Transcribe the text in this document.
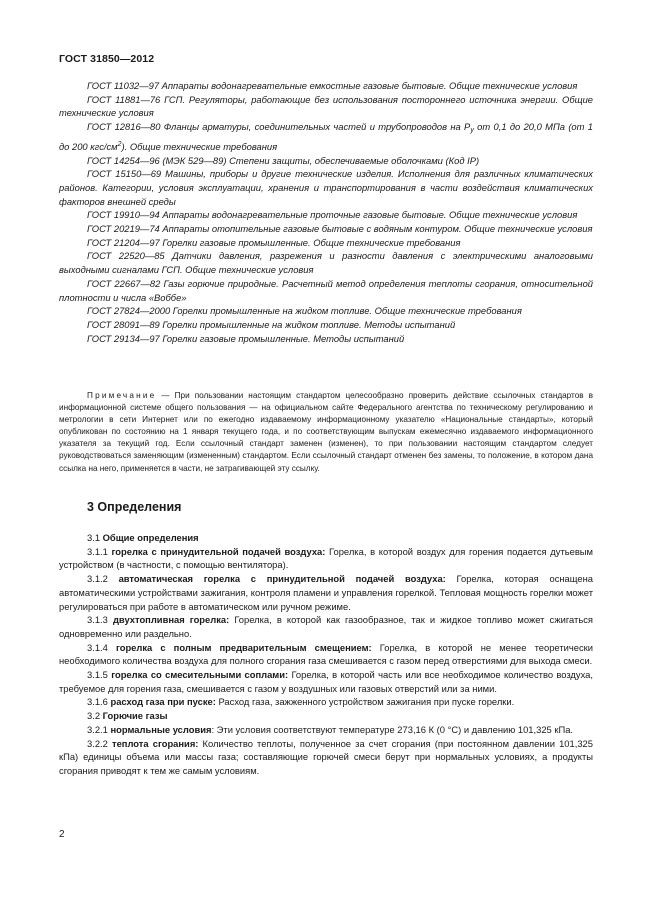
ГОСТ 31850—2012

ГОСТ 11032—97 Аппараты водонагревательные емкостные газовые бытовые. Общие технические условия

ГОСТ 11881—76 ГСП. Регуляторы, работающие без использования постороннего источника энергии. Общие технические условия

ГОСТ 12816—80 Фланцы арматуры, соединительных частей и трубопроводов на $P_у$ от 0,1 до 20,0 МПа (от 1 до 200 кгс/$см^2$). Общие технические требования

ГОСТ 14254—96 (МЭК 529—89) Степени защиты, обеспечиваемые оболочками (Код IP)

ГОСТ 15150—69 Машины, приборы и другие технические изделия. Исполнения для различных климатических районов. Категории, условия эксплуатации, хранения и транспортирования в части воздействия климатических факторов внешней среды

ГОСТ 19910—94 Аппараты водонагревательные проточные газовые бытовые. Общие технические условия

ГОСТ 20219—74 Аппараты отопительные газовые бытовые с водяным контуром. Общие технические условия

ГОСТ 21204—97 Горелки газовые промышленные. Общие технические требования

ГОСТ 22520—85 Датчики давления, разрежения и разности давления с электрическими аналоговыми выходными сигналами ГСП. Общие технические условия

ГОСТ 22667—82 Газы горючие природные. Расчетный метод определения теплоты сгорания, относительной плотности и числа «Воббе»

ГОСТ 27824—2000 Горелки промышленные на жидком топливе. Общие технические требования

ГОСТ 28091—89 Горелки промышленные на жидком топливе. Методы испытаний

ГОСТ 29134—97 Горелки газовые промышленные. Методы испытаний

Примечание — При пользовании настоящим стандартом целесообразно проверить действие ссылочных стандартов в информационной системе общего пользования — на официальном сайте Федерального агентства по техническому регулированию и метрологии в сети Интернет или по ежегодно издаваемому информационному указателю «Национальные стандарты», который опубликован по состоянию на 1 января текущего года, и по соответствующим выпускам ежемесячно издаваемого информационного указателя за текущий год. Если ссылочный стандарт заменен (изменен), то при пользовании настоящим стандартом следует руководствоваться заменяющим (измененным) стандартом. Если ссылочный стандарт отменен без замены, то положение, в котором дана ссылка на него, применяется в части, не затрагивающей эту ссылку.

3 Определения

3.1 Общие определения

3.1.1 горелка с принудительной подачей воздуха: Горелка, в которой воздух для горения подается дутьевым устройством (в частности, с помощью вентилятора).

3.1.2 автоматическая горелка с принудительной подачей воздуха: Горелка, которая оснащена автоматическими устройствами зажигания, контроля пламени и управления горелкой. Тепловая мощность горелки может регулироваться при работе в автоматическом или ручном режиме.

3.1.3 двухтопливная горелка: Горелка, в которой как газообразное, так и жидкое топливо может сжигаться одновременно или раздельно.

3.1.4 горелка с полным предварительным смещением: Горелка, в которой не менее теоретически необходимого количества воздуха для полного сгорания газа смешивается с газом перед отверстиями для выхода смеси.

3.1.5 горелка со смесительными соплами: Горелка, в которой часть или все необходимое количество воздуха, требуемое для горения газа, смешивается с газом у воздушных или газовых отверстий или за ними.

3.1.6 расход газа при пуске: Расход газа, зажженного устройством зажигания при пуске горелки.

3.2 Горючие газы

3.2.1 нормальные условия: Эти условия соответствуют температуре 273,16 К (0 °С) и давлению 101,325 кПа.

3.2.2 теплота сгорания: Количество теплоты, полученное за счет сгорания (при постоянном давлении 101,325 кПа) единицы объема или массы газа; составляющие горючей смеси берут при нормальных условиях, а продукты сгорания приводят к тем же самым условиям.

2
